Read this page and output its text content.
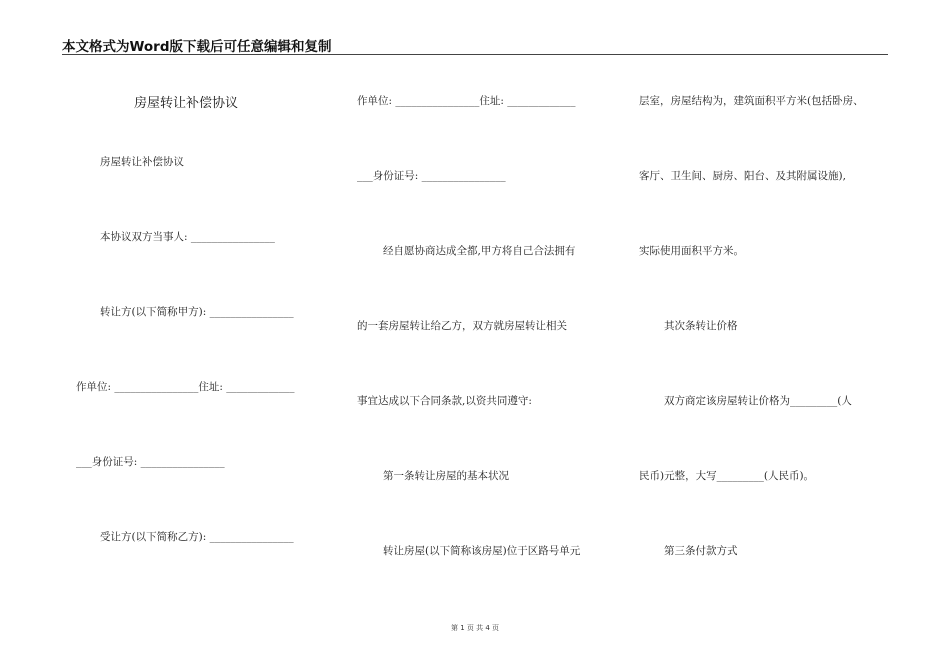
本文格式为Word版下载后可任意编辑和复制
房屋转让补偿协议
房屋转让补偿协议
本协议双方当事人: ________________
转让方(以下简称甲方): ________________
作单位: ________________住址: _____________
___身份证号: ________________
受让方(以下简称乙方): ________________
作单位: ________________住址: _____________
___身份证号: ________________
经自愿协商达成全都,甲方将自己合法拥有
的一套房屋转让给乙方，双方就房屋转让相关
事宜达成以下合同条款,以资共同遵守:
第一条转让房屋的基本状况
转让房屋(以下简称该房屋)位于区路号单元
层室，房屋结构为，建筑面积平方米(包括卧房、
客厅、卫生间、厨房、阳台、及其附属设施),
实际使用面积平方米。
其次条转让价格
双方商定该房屋转让价格为_________(人
民币)元整，大写_________(人民币)。
第三条付款方式
第 1 页 共 4 页
